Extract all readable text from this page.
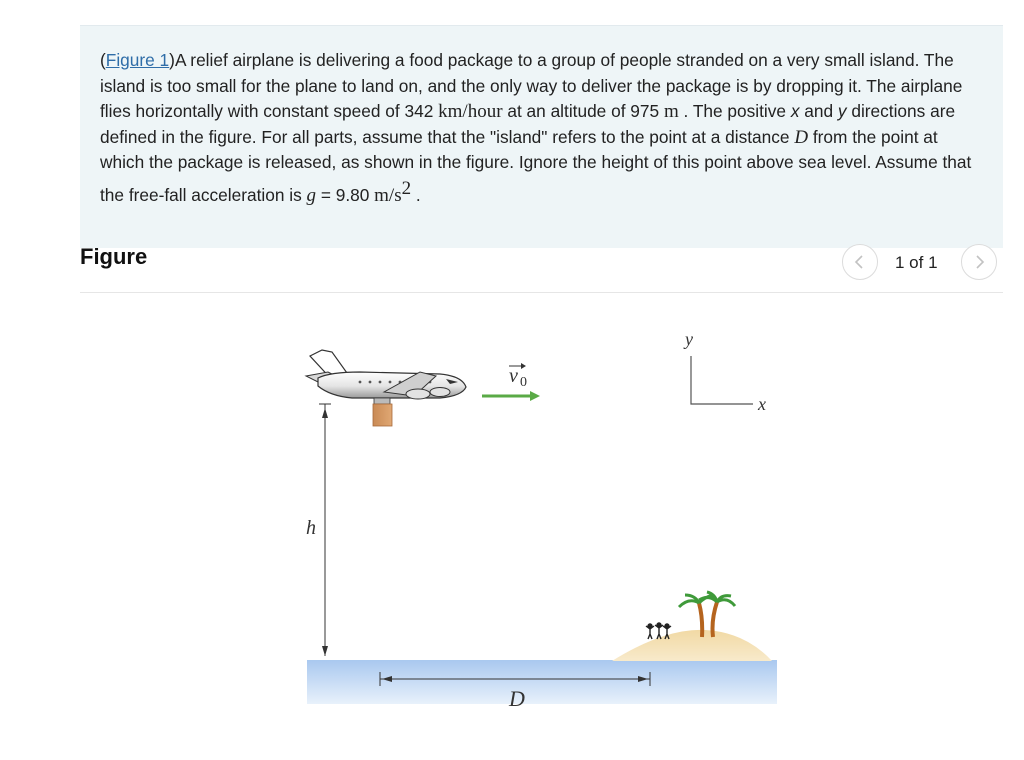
(Figure 1)A relief airplane is delivering a food package to a group of people stranded on a very small island. The island is too small for the plane to land on, and the only way to deliver the package is by dropping it. The airplane flies horizontally with constant speed of 342 km/hour at an altitude of 975 m . The positive x and y directions are defined in the figure. For all parts, assume that the "island" refers to the point at a distance D from the point at which the package is released, as shown in the figure. Ignore the height of this point above sea level. Assume that the free-fall acceleration is g = 9.80 $m/s^2$ .

Figure	1 of 1
v 0
y
x
h
D
